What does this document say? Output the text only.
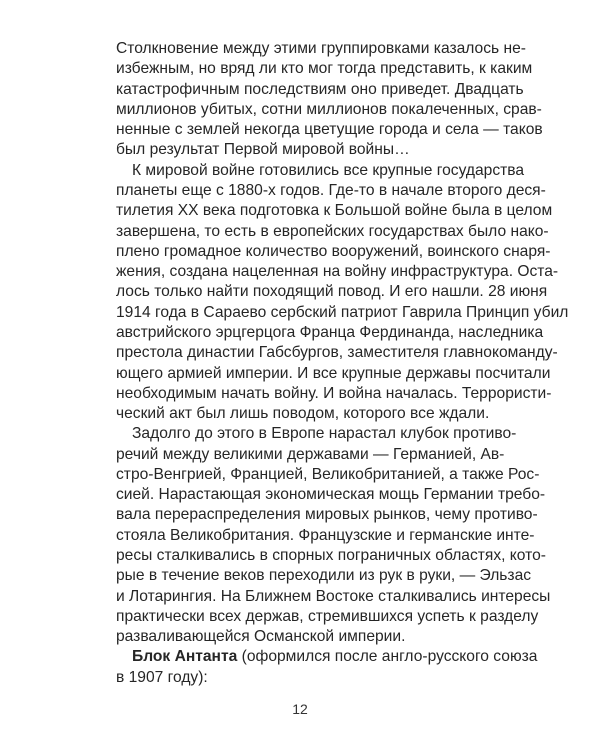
Столкновение между этими группировками казалось не-
избежным, но вряд ли кто мог тогда представить, к каким
катастрофичным последствиям оно приведет. Двадцать
миллионов убитых, сотни миллионов покалеченных, срав-
ненные с землей некогда цветущие города и села — таков
был результат Первой мировой войны…
К мировой войне готовились все крупные государства
планеты еще с 1880-х годов. Где-то в начале второго деся-
тилетия XX века подготовка к Большой войне была в целом
завершена, то есть в европейских государствах было нако-
плено громадное количество вооружений, воинского снаря-
жения, создана нацеленная на войну инфраструктура. Оста-
лось только найти походящий повод. И его нашли. 28 июня
1914 года в Сараево сербский патриот Гаврила Принцип убил
австрийского эрцгерцога Франца Фердинанда, наследника
престола династии Габсбургов, заместителя главнокоманду-
ющего армией империи. И все крупные державы посчитали
необходимым начать войну. И война началась. Террористи-
ческий акт был лишь поводом, которого все ждали.
Задолго до этого в Европе нарастал клубок противо-
речий между великими державами — Германией, Ав-
стро-Венгрией, Францией, Великобританией, а также Рос-
сией. Нарастающая экономическая мощь Германии требо-
вала перераспределения мировых рынков, чему противо-
стояла Великобритания. Французские и германские инте-
ресы сталкивались в спорных пограничных областях, кото-
рые в течение веков переходили из рук в руки, — Эльзас
и Лотарингия. На Ближнем Востоке сталкивались интересы
практически всех держав, стремившихся успеть к разделу
разваливающейся Османской империи.
Блок Антанта (оформился после англо-русского союза
в 1907 году):
12
